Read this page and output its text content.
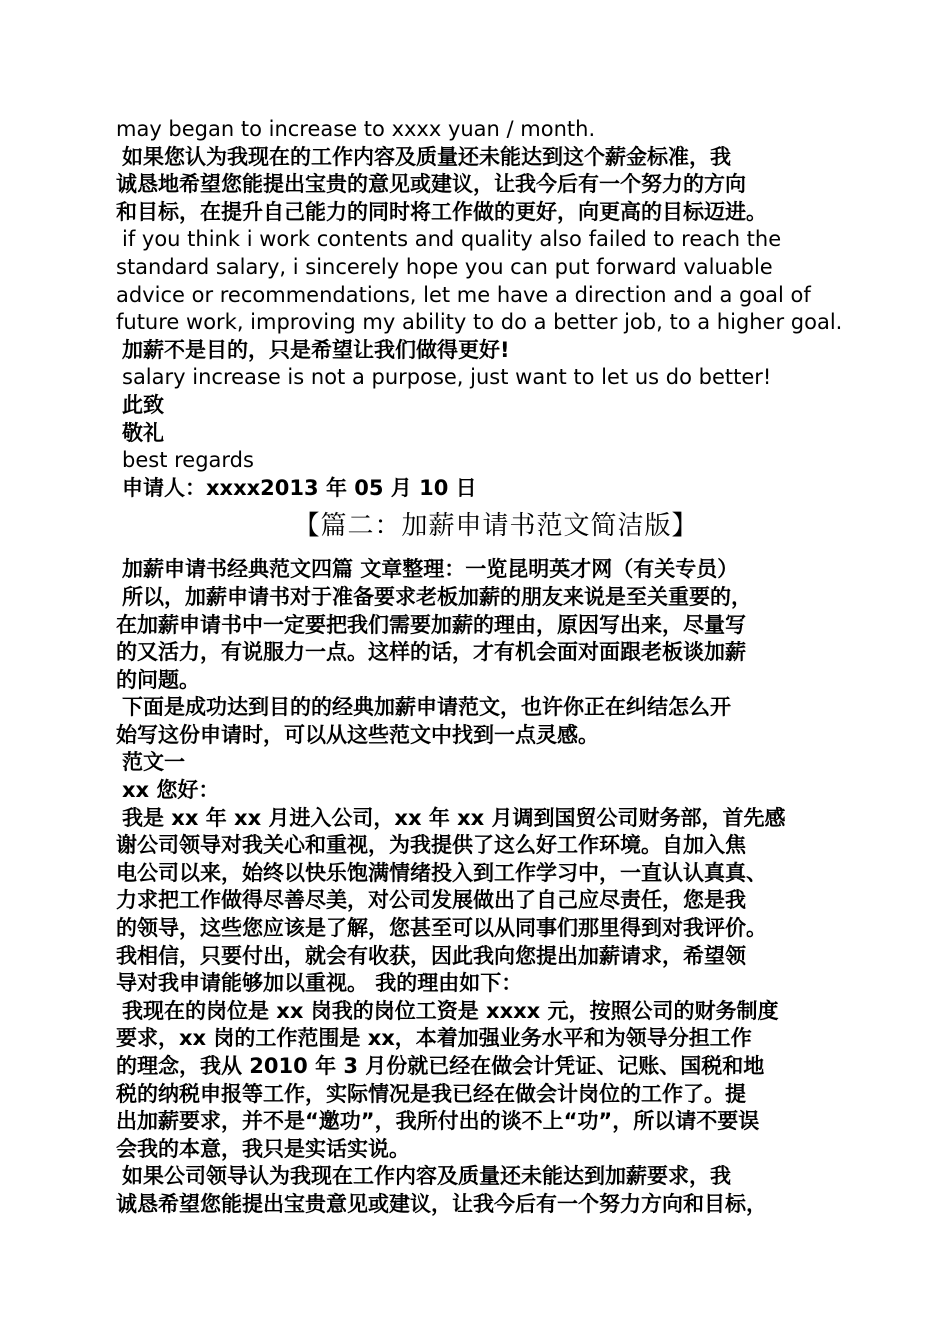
may began to increase to xxxx yuan / month.
如果您认为我现在的工作内容及质量还未能达到这个薪金标准，我
诚恳地希望您能提出宝贵的意见或建议，让我今后有一个努力的方向
和目标，在提升自己能力的同时将工作做的更好，向更高的目标迈进。
if you think i work contents and quality also failed to reach the
standard salary, i sincerely hope you can put forward valuable
advice or recommendations, let me have a direction and a goal of
future work, improving my ability to do a better job, to a higher goal.
加薪不是目的，只是希望让我们做得更好!
salary increase is not a purpose, just want to let us do better!
此致
敬礼
best regards
申请人：xxxx2013 年 05 月 10 日
【篇二：加薪申请书范文简洁版】
加薪申请书经典范文四篇 文章整理：一览昆明英才网（有关专员）
所以，加薪申请书对于准备要求老板加薪的朋友来说是至关重要的，
在加薪申请书中一定要把我们需要加薪的理由，原因写出来，尽量写
的又活力，有说服力一点。这样的话，才有机会面对面跟老板谈加薪
的问题。
下面是成功达到目的的经典加薪申请范文，也许你正在纠结怎么开
始写这份申请时，可以从这些范文中找到一点灵感。
范文一
xx 您好：
我是 xx 年 xx 月进入公司，xx 年 xx 月调到国贸公司财务部，首先感
谢公司领导对我关心和重视，为我提供了这么好工作环境。自加入焦
电公司以来，始终以快乐饱满情绪投入到工作学习中，一直认认真真、
力求把工作做得尽善尽美，对公司发展做出了自己应尽责任，您是我
的领导，这些您应该是了解，您甚至可以从同事们那里得到对我评价。
我相信，只要付出，就会有收获，因此我向您提出加薪请求，希望领
导对我申请能够加以重视。 我的理由如下：
我现在的岗位是 xx 岗我的岗位工资是 xxxx 元，按照公司的财务制度
要求，xx 岗的工作范围是 xx，本着加强业务水平和为领导分担工作
的理念，我从 2010 年 3 月份就已经在做会计凭证、记账、国税和地
税的纳税申报等工作，实际情况是我已经在做会计岗位的工作了。提
出加薪要求，并不是“邀功”，我所付出的谈不上“功”，所以请不要误
会我的本意，我只是实话实说。
如果公司领导认为我现在工作内容及质量还未能达到加薪要求，我
诚恳希望您能提出宝贵意见或建议，让我今后有一个努力方向和目标，
